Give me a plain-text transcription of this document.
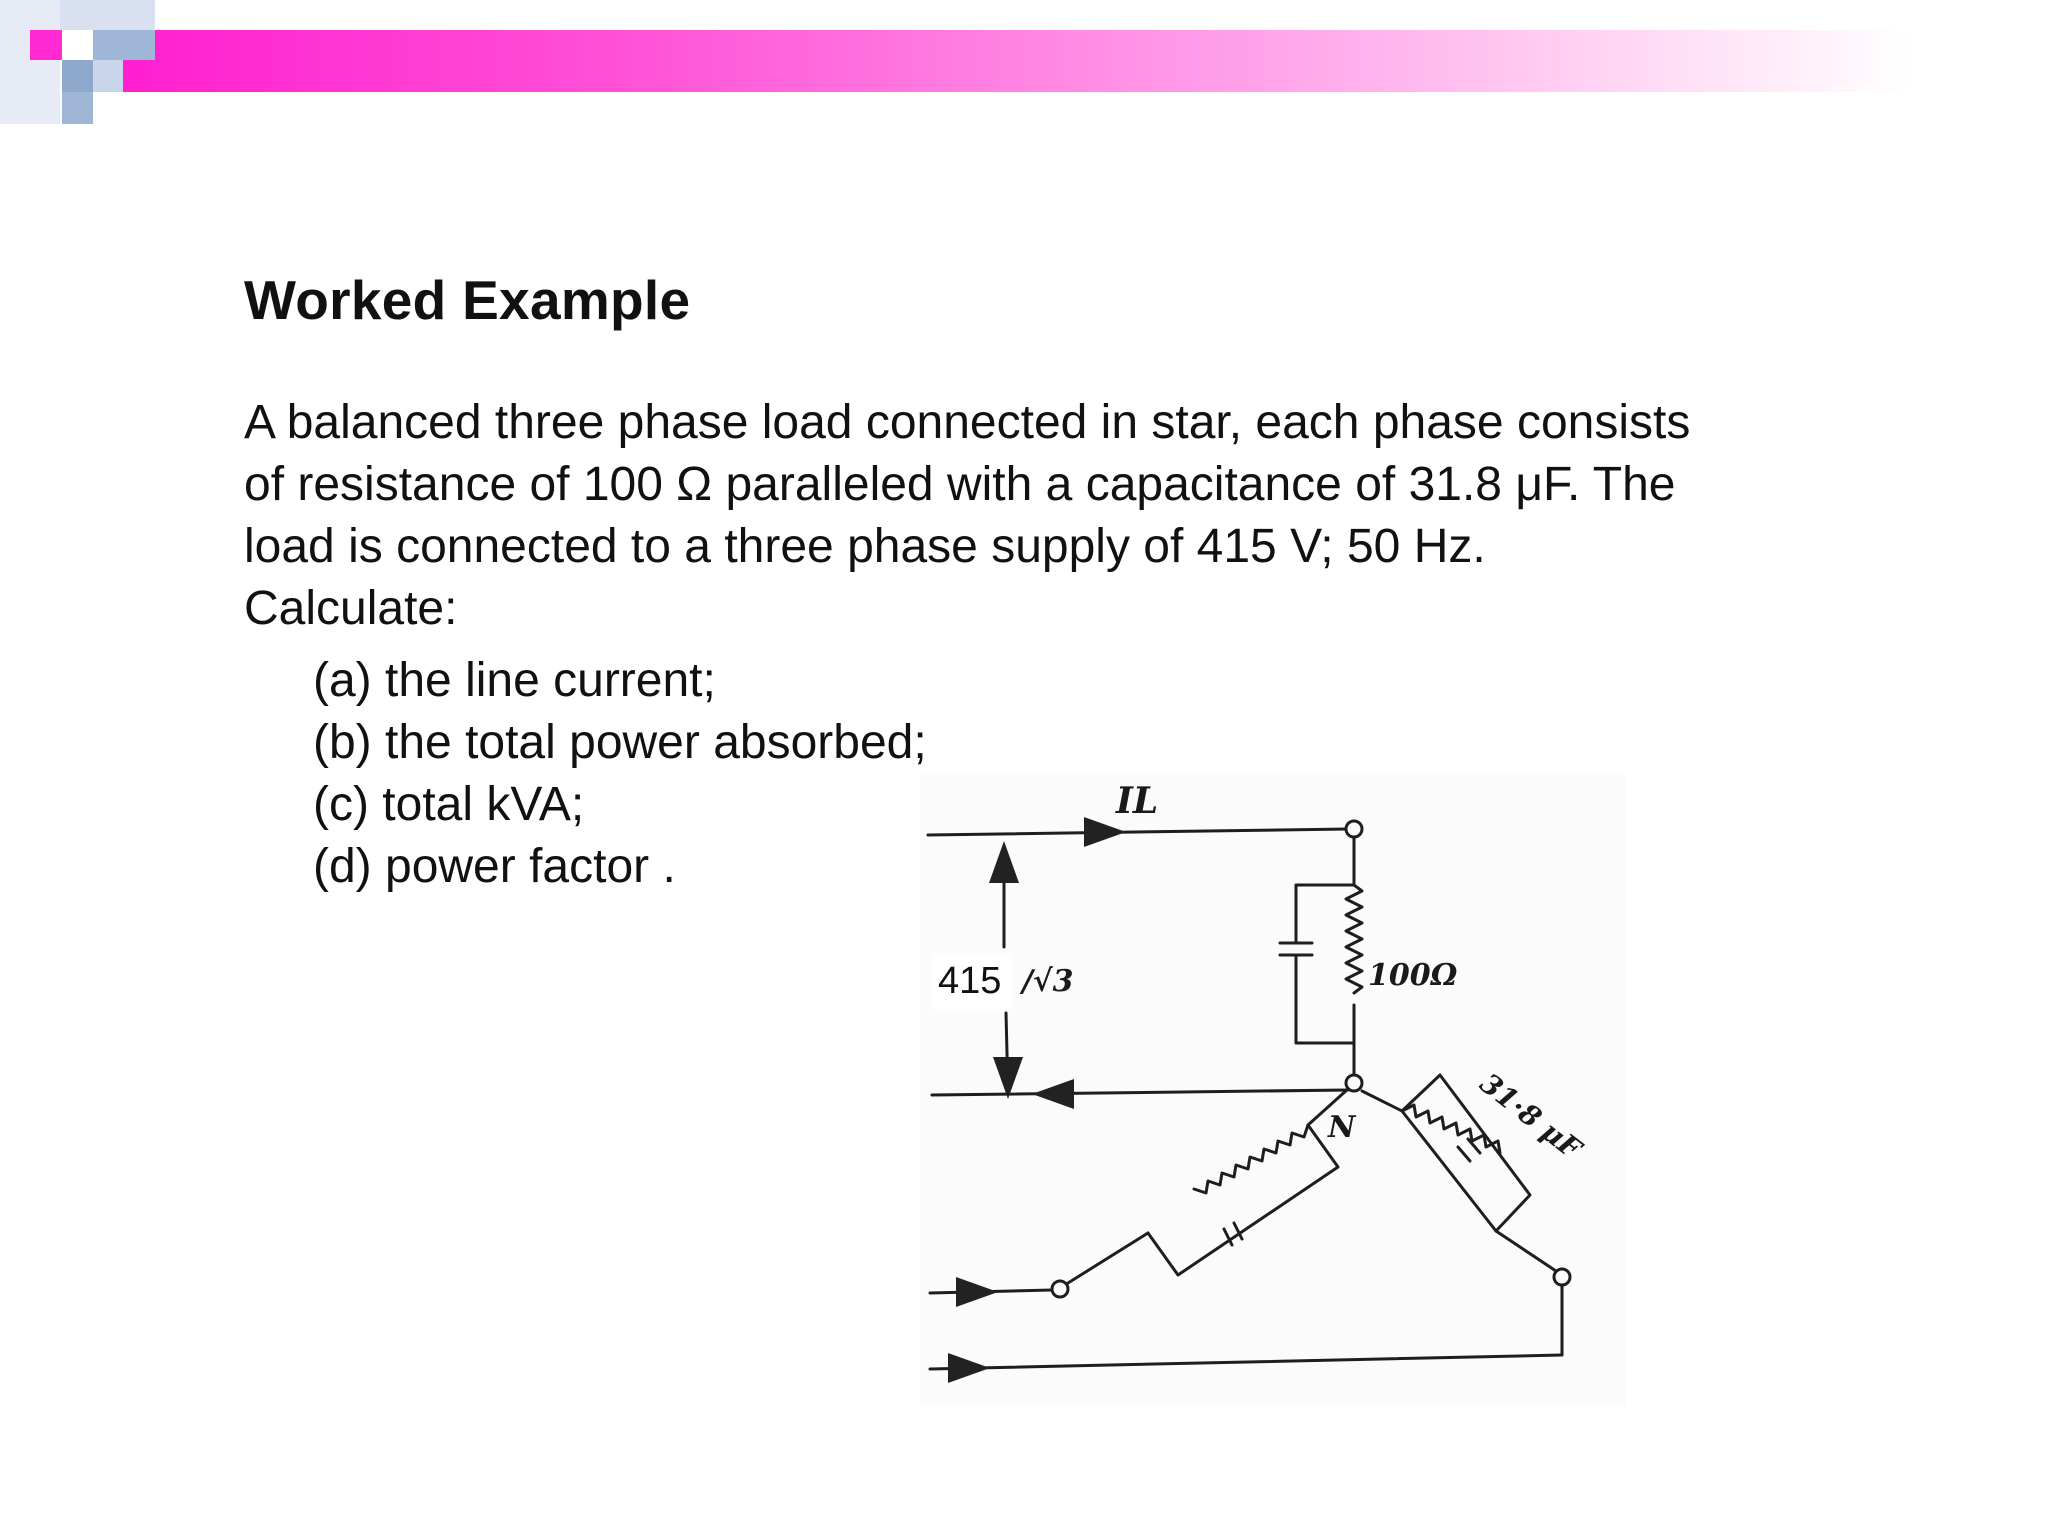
Worked Example
A balanced three phase load connected in star, each phase consists
of resistance of 100 Ω paralleled with a capacitance of 31.8 μF. The
load is connected to a three phase supply of 415 V; 50 Hz.
Calculate:
(a) the line current;
(b) the total power absorbed;
(c) total kVA;
(d) power factor .
IL
415 /√3	100Ω
N	31·8 μF
